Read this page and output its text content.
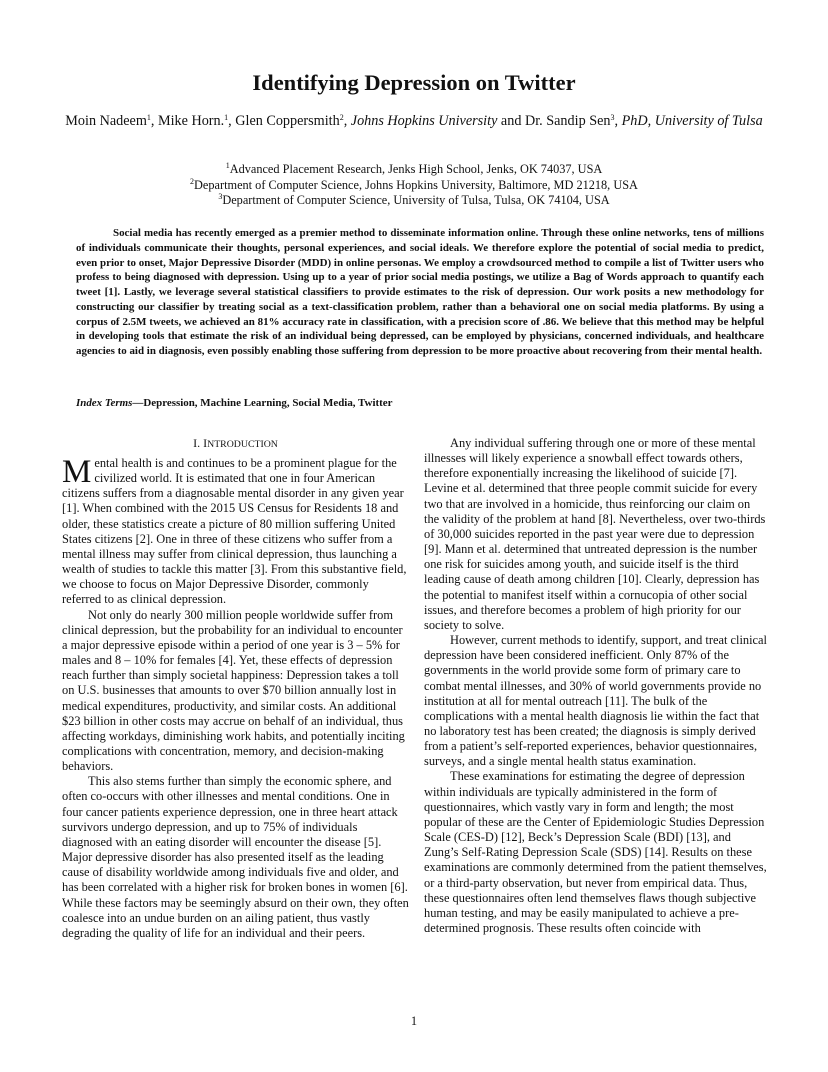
Identifying Depression on Twitter

Moin Nadeem$^1$, Mike Horn.$^1$, Glen Coppersmith$^2$, Johns Hopkins University and Dr. Sandip Sen$^3$, PhD, University of Tulsa

$^1$Advanced Placement Research, Jenks High School, Jenks, OK 74037, USA
$^2$Department of Computer Science, Johns Hopkins University, Baltimore, MD 21218, USA
$^3$Department of Computer Science, University of Tulsa, Tulsa, OK 74104, USA

Social media has recently emerged as a premier method to disseminate information online. Through these online networks, tens of millions of individuals communicate their thoughts, personal experiences, and social ideals. We therefore explore the potential of social media to predict, even prior to onset, Major Depressive Disorder (MDD) in online personas. We employ a crowdsourced method to compile a list of Twitter users who profess to being diagnosed with depression. Using up to a year of prior social media postings, we utilize a Bag of Words approach to quantify each tweet [1]. Lastly, we leverage several statistical classifiers to provide estimates to the risk of depression. Our work posits a new methodology for constructing our classifier by treating social as a text-classification problem, rather than a behavioral one on social media platforms. By using a corpus of 2.5M tweets, we achieved an 81% accuracy rate in classification, with a precision score of .86. We believe that this method may be helpful in developing tools that estimate the risk of an individual being depressed, can be employed by physicians, concerned individuals, and healthcare agencies to aid in diagnosis, even possibly enabling those suffering from depression to be more proactive about recovering from their mental health.

Index Terms—Depression, Machine Learning, Social Media, Twitter

I. INTRODUCTION

Mental health is and continues to be a prominent plague for the civilized world. It is estimated that one in four American citizens suffers from a diagnosable mental disorder in any given year [1]. When combined with the 2015 US Census for Residents 18 and older, these statistics create a picture of 80 million suffering United States citizens [2]. One in three of these citizens who suffer from a mental illness may suffer from clinical depression, thus launching a wealth of studies to tackle this matter [3]. From this substantive field, we choose to focus on Major Depressive Disorder, commonly referred to as clinical depression.

Not only do nearly 300 million people worldwide suffer from clinical depression, but the probability for an individual to encounter a major depressive episode within a period of one year is 3 – 5% for males and 8 – 10% for females [4]. Yet, these effects of depression reach further than simply societal happiness: Depression takes a toll on U.S. businesses that amounts to over $70 billion annually lost in medical expenditures, productivity, and similar costs. An additional $23 billion in other costs may accrue on behalf of an individual, thus affecting workdays, diminishing work habits, and potentially inciting complications with concentration, memory, and decision-making behaviors.

This also stems further than simply the economic sphere, and often co-occurs with other illnesses and mental conditions. One in four cancer patients experience depression, one in three heart attack survivors undergo depression, and up to 75% of individuals diagnosed with an eating disorder will encounter the disease [5]. Major depressive disorder has also presented itself as the leading cause of disability worldwide among individuals five and older, and has been correlated with a higher risk for broken bones in women [6]. While these factors may be seemingly absurd on their own, they often coalesce into an undue burden on an ailing patient, thus vastly degrading the quality of life for an individual and their peers.

Any individual suffering through one or more of these mental illnesses will likely experience a snowball effect towards others, therefore exponentially increasing the likelihood of suicide [7]. Levine et al. determined that three people commit suicide for every two that are involved in a homicide, thus reinforcing our claim on the validity of the problem at hand [8]. Nevertheless, over two-thirds of 30,000 suicides reported in the past year were due to depression [9]. Mann et al. determined that untreated depression is the number one risk for suicides among youth, and suicide itself is the third leading cause of death among children [10]. Clearly, depression has the potential to manifest itself within a cornucopia of other social issues, and therefore becomes a problem of high priority for our society to solve.

However, current methods to identify, support, and treat clinical depression have been considered inefficient. Only 87% of the governments in the world provide some form of primary care to combat mental illnesses, and 30% of world governments provide no institution at all for mental outreach [11]. The bulk of the complications with a mental health diagnosis lie within the fact that no laboratory test has been created; the diagnosis is simply derived from a patient’s self-reported experiences, behavior questionnaires, surveys, and a single mental health status examination.

These examinations for estimating the degree of depression within individuals are typically administered in the form of questionnaires, which vastly vary in form and length; the most popular of these are the Center of Epidemiologic Studies Depression Scale (CES-D) [12], Beck’s Depression Scale (BDI) [13], and Zung’s Self-Rating Depression Scale (SDS) [14]. Results on these examinations are commonly determined from the patient themselves, or a third-party observation, but never from empirical data. Thus, these questionnaires often lend themselves flaws though subjective human testing, and may be easily manipulated to achieve a pre-determined prognosis. These results often coincide with

1
